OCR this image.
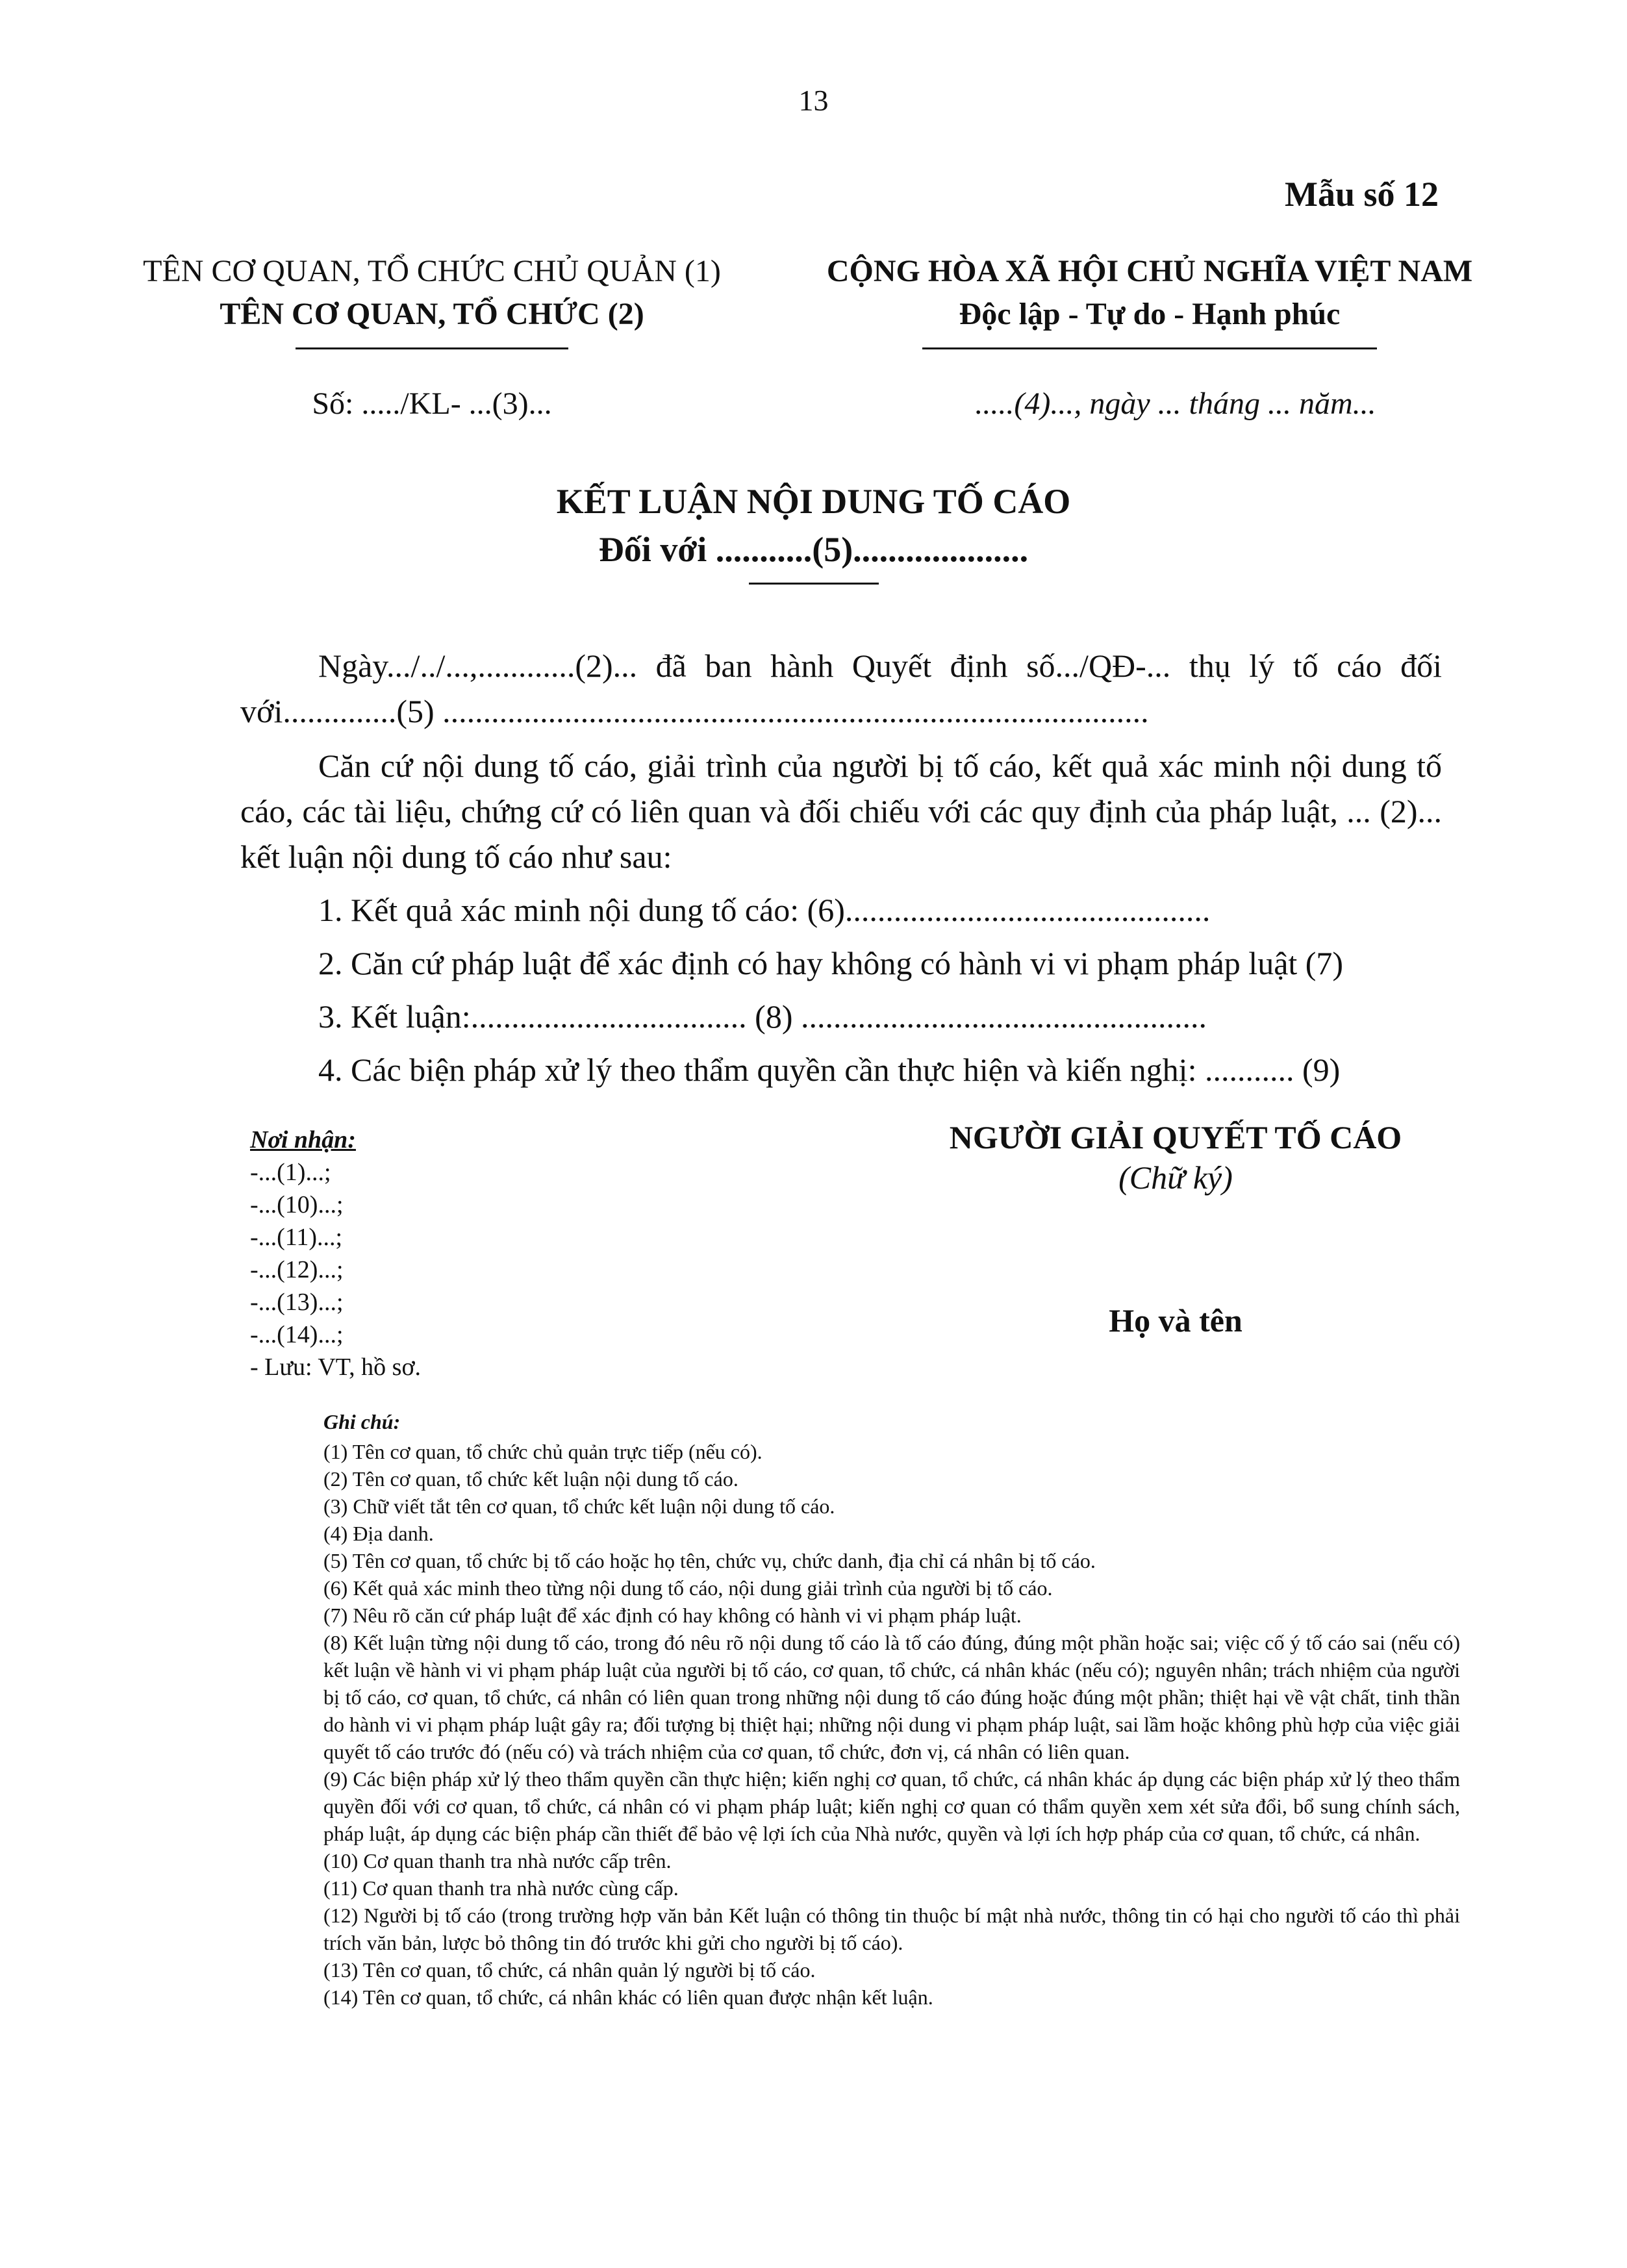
13
Mẫu số 12
TÊN CƠ QUAN, TỔ CHỨC CHỦ QUẢN (1)
TÊN CƠ QUAN, TỔ CHỨC (2)
Số: ...../KL- ...(3)...
CỘNG HÒA XÃ HỘI CHỦ NGHĨA VIỆT NAM
Độc lập - Tự do - Hạnh phúc
.....(4)..., ngày ... tháng ... năm...
KẾT LUẬN NỘI DUNG TỐ CÁO
Đối với ...........(5)....................
Ngày.../../...,............(2)... đã ban hành Quyết định số.../QĐ-... thụ lý tố cáo đối với..............(5) .......................................................................................
Căn cứ nội dung tố cáo, giải trình của người bị tố cáo, kết quả xác minh nội dung tố cáo, các tài liệu, chứng cứ có liên quan và đối chiếu với các quy định của pháp luật, ... (2)... kết luận nội dung tố cáo như sau:
1. Kết quả xác minh nội dung tố cáo: (6).............................................
2. Căn cứ pháp luật để xác định có hay không có hành vi vi phạm pháp luật (7)
3. Kết luận:.................................. (8) ..................................................
4. Các biện pháp xử lý theo thẩm quyền cần thực hiện và kiến nghị: ........... (9)
Nơi nhận:
-...(1)...;
-...(10)...;
-...(11)...;
-...(12)...;
-...(13)...;
-...(14)...;
- Lưu: VT, hồ sơ.
NGƯỜI GIẢI QUYẾT TỐ CÁO
(Chữ ký)
Họ và tên
Ghi chú:
(1) Tên cơ quan, tổ chức chủ quản trực tiếp (nếu có).
(2) Tên cơ quan, tổ chức kết luận nội dung tố cáo.
(3) Chữ viết tắt tên cơ quan, tổ chức kết luận nội dung tố cáo.
(4) Địa danh.
(5) Tên cơ quan, tổ chức bị tố cáo hoặc họ tên, chức vụ, chức danh, địa chỉ cá nhân bị tố cáo.
(6) Kết quả xác minh theo từng nội dung tố cáo, nội dung giải trình của người bị tố cáo.
(7) Nêu rõ căn cứ pháp luật để xác định có hay không có hành vi vi phạm pháp luật.
(8) Kết luận từng nội dung tố cáo, trong đó nêu rõ nội dung tố cáo là tố cáo đúng, đúng một phần hoặc sai; việc cố ý tố cáo sai (nếu có) kết luận về hành vi vi phạm pháp luật của người bị tố cáo, cơ quan, tổ chức, cá nhân khác (nếu có); nguyên nhân; trách nhiệm của người bị tố cáo, cơ quan, tổ chức, cá nhân có liên quan trong những nội dung tố cáo đúng hoặc đúng một phần; thiệt hại về vật chất, tinh thần do hành vi vi phạm pháp luật gây ra; đối tượng bị thiệt hại; những nội dung vi phạm pháp luật, sai lầm hoặc không phù hợp của việc giải quyết tố cáo trước đó (nếu có) và trách nhiệm của cơ quan, tổ chức, đơn vị, cá nhân có liên quan.
(9) Các biện pháp xử lý theo thẩm quyền cần thực hiện; kiến nghị cơ quan, tổ chức, cá nhân khác áp dụng các biện pháp xử lý theo thẩm quyền đối với cơ quan, tổ chức, cá nhân có vi phạm pháp luật; kiến nghị cơ quan có thẩm quyền xem xét sửa đổi, bổ sung chính sách, pháp luật, áp dụng các biện pháp cần thiết để bảo vệ lợi ích của Nhà nước, quyền và lợi ích hợp pháp của cơ quan, tổ chức, cá nhân.
(10) Cơ quan thanh tra nhà nước cấp trên.
(11) Cơ quan thanh tra nhà nước cùng cấp.
(12) Người bị tố cáo (trong trường hợp văn bản Kết luận có thông tin thuộc bí mật nhà nước, thông tin có hại cho người tố cáo thì phải trích văn bản, lược bỏ thông tin đó trước khi gửi cho người bị tố cáo).
(13) Tên cơ quan, tổ chức, cá nhân quản lý người bị tố cáo.
(14) Tên cơ quan, tổ chức, cá nhân khác có liên quan được nhận kết luận.
